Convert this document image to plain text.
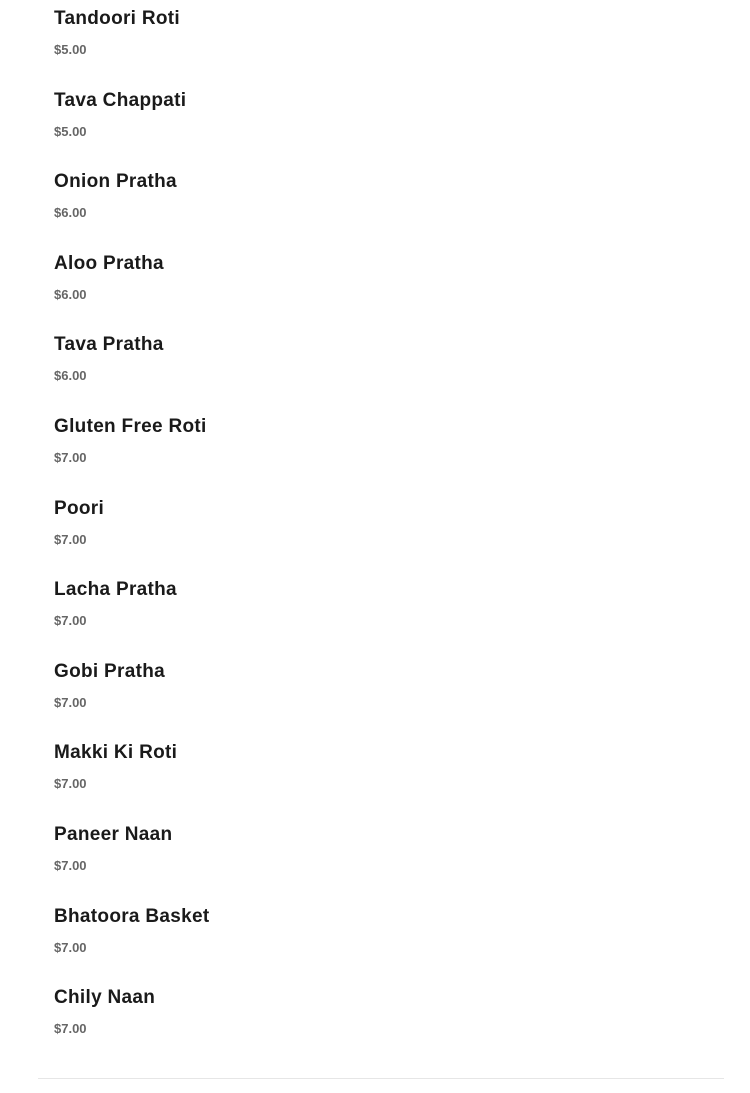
Tandoori Roti
$5.00
Tava Chappati
$5.00
Onion Pratha
$6.00
Aloo Pratha
$6.00
Tava Pratha
$6.00
Gluten Free Roti
$7.00
Poori
$7.00
Lacha Pratha
$7.00
Gobi Pratha
$7.00
Makki Ki Roti
$7.00
Paneer Naan
$7.00
Bhatoora Basket
$7.00
Chily Naan
$7.00
